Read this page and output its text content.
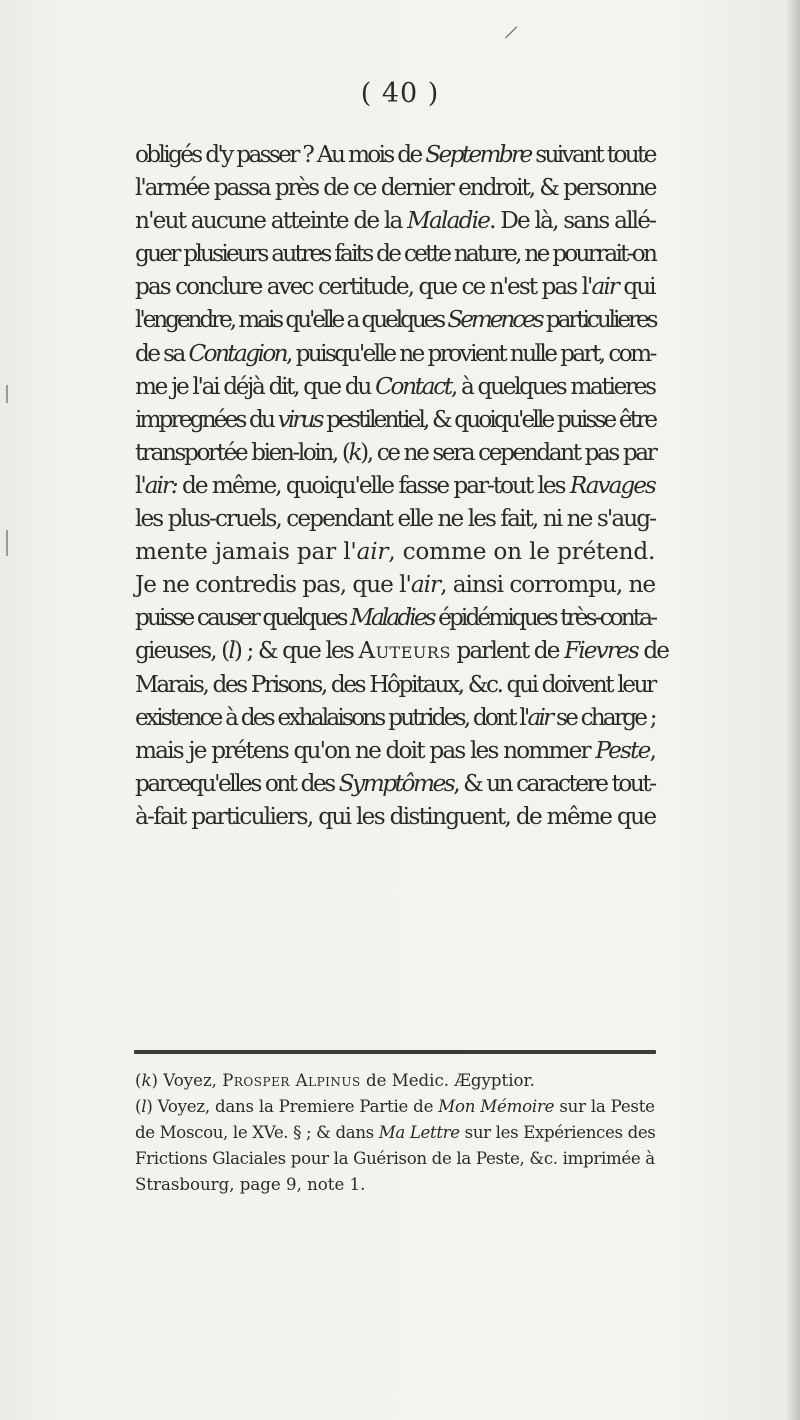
( 40 )
obligés d'y passer ? Au mois de Septembre suivant toute
l'armée passa près de ce dernier endroit, & personne
n'eut aucune atteinte de la Maladie. De là, sans allé-
guer plusieurs autres faits de cette nature, ne pourrait-on
pas conclure avec certitude, que ce n'est pas l'air qui
l'engendre, mais qu'elle a quelques Semences particulieres
de sa Contagion, puisqu'elle ne provient nulle part, com-
me je l'ai déjà dit, que du Contact, à quelques matieres
impregnées du virus pestilentiel, & quoiqu'elle puisse être
transportée bien-loin, (k), ce ne sera cependant pas par
l'air: de même, quoiqu'elle fasse par-tout les Ravages
les plus-cruels, cependant elle ne les fait, ni ne s'aug-
mente jamais par l'air, comme on le prétend.
Je ne contredis pas, que l'air, ainsi corrompu, ne
puisse causer quelques Maladies épidémiques très-conta-
gieuses, (l) ; & que les Auteurs parlent de Fievres de
Marais, des Prisons, des Hôpitaux, &c. qui doivent leur
existence à des exhalaisons putrides, dont l'air se charge ;
mais je prétens qu'on ne doit pas les nommer Peste,
parcequ'elles ont des Symptômes, & un caractere tout-
à-fait particuliers, qui les distinguent, de même que
(k) Voyez, Prosper Alpinus de Medic. Ægyptior.
(l) Voyez, dans la Premiere Partie de Mon Mémoire sur la Peste
de Moscou, le XVe. § ; & dans Ma Lettre sur les Expériences des
Frictions Glaciales pour la Guérison de la Peste, &c. imprimée à
Strasbourg, page 9, note 1.
